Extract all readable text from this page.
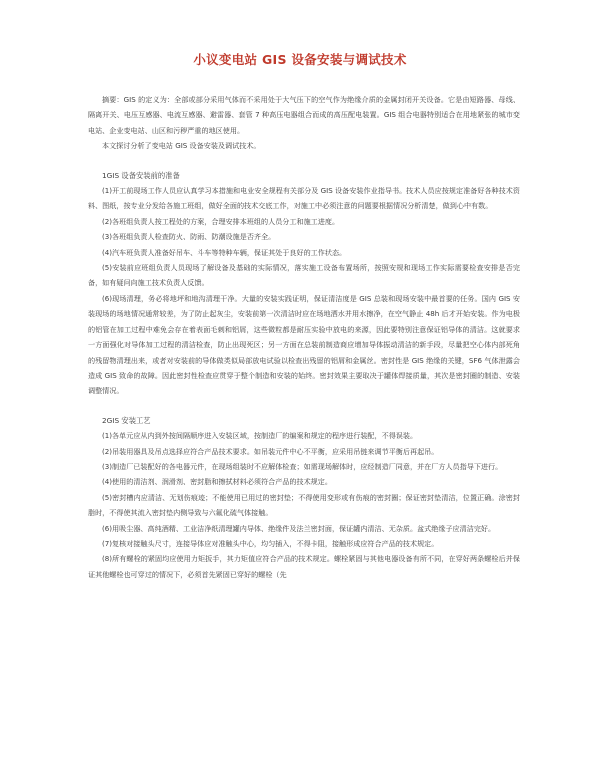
小议变电站 GIS 设备安装与调试技术

摘要：GIS 的定义为：全部或部分采用气体而不采用处于大气压下的空气作为绝缘介质的金属封闭开关设备。它是由短路器、母线、隔离开关、电压互感器、电流互感器、避雷器、套管 7 种高压电器组合而成的高压配电装置。GIS 组合电器特别适合在用地紧张的城市变电站、企业变电站、山区和污秽严重的地区使用。

本文探讨分析了变电站 GIS 设备安装及调试技术。

1GIS 设备安装前的准备

(1)开工前现场工作人员应认真学习本措施和电业安全规程有关部分及 GIS 设备安装作业指导书。技术人员应按规定准备好各种技术资料、图纸，按专业分发给各施工班组，做好全面的技术交底工作，对施工中必须注意的问题要根据情况分析清楚，做到心中有数。

(2)各班组负责人按工程处的方案，合理安排本班组的人员分工和施工进度。

(3)各班组负责人检查防火、防雨、防潮设施是否齐全。

(4)汽车班负责人准备好吊车、斗车等特种车辆，保证其处于良好的工作状态。

(5)安装前应班组负责人员现场了解设备及基础的实际情况，落实施工设备布置场所，按照安规和现场工作实际需要检查安排是否完备，如有疑问向施工技术负责人反馈。

(6)现场清理，务必将地坪和地沟清理干净。大量的安装实践证明，保证清洁度是 GIS 总装和现场安装中最首要的任务。国内 GIS 安装现场的场地情况通常较差，为了防止起灰尘，安装前第一次清洁时应在场地洒水并用水擦净，在空气静止 48h 后才开始安装。作为电极的铝管在加工过程中难免会存在着表面毛刺和铝屑，这些微粒都是耐压实验中放电的来源，因此要特别注意保证铝导体的清洁。这就要求一方面强化对导体加工过程的清洁检查，防止出现死区；另一方面在总装前制造商应增加导体振动清洁的新手段，尽量把空心体内部死角的残留物清理出来，或者对安装前的导体做类似局部放电试验以检查出残留的铝屑和金属丝。密封性是 GIS 绝缘的关键，SF6 气体泄露会造成 GIS 致命的故障。因此密封性检查应贯穿于整个制造和安装的始终。密封效果主要取决于罐体焊接质量，其次是密封圈的制造、安装调整情况。

2GIS 安装工艺

(1)各单元应从内到外按间隔顺序进入安装区域，按制造厂的编案和规定的程序进行装配，不得误装。

(2)吊装用器具及吊点选择应符合产品技术要求。如吊装元件中心不平衡，应采用吊链来调节平衡后再起吊。

(3)制造厂已装配好的各电器元件，在现场组装时不应解体检查；如需现场解体时，应经制造厂同意，并在厂方人员指导下进行。

(4)使用的清洁剂、润滑剂、密封脂和擦拭材料必须符合产品的技术规定。

(5)密封槽内应清洁、无划伤痕迹；不能使用已用过的密封垫；不得使用变形或有伤痕的密封圈；保证密封垫清洁，位置正确。涂密封脂时，不得使其流入密封垫内侧导致与六氟化硫气体接触。

(6)用吸尘器、高纯酒精、工业洁净纸清理罐内导体、绝缘件及法兰密封面，保证罐内清洁、无杂质。盆式绝缘子应清洁完好。

(7)复核对接触头尺寸，连接导体应对准触头中心，均匀插入，不得卡阻，接触形成应符合产品的技术规定。

(8)所有螺栓的紧固均应使用力矩扳手，其力矩值应符合产品的技术规定。螺栓紧固与其他电器设备有所不同，在穿好两条螺栓后并保证其他螺栓也可穿过的情况下，必须首先紧固已穿好的螺栓（先
